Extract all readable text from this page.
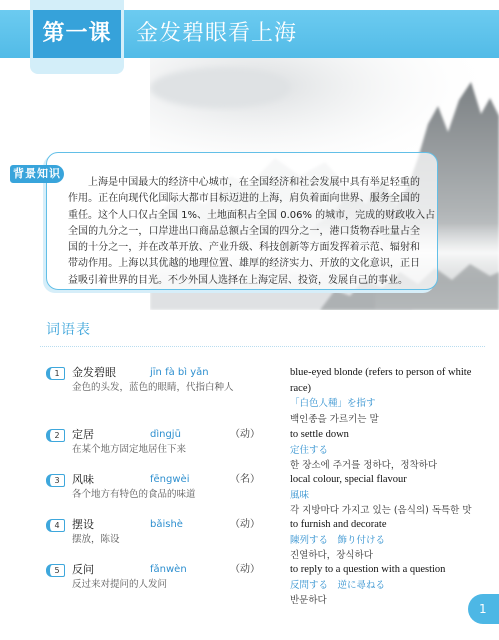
第一课	金发碧眼看上海
背景知识
上海是中国最大的经济中心城市，在全国经济和社会发展中具有举足轻重的
作用。正在向现代化国际大都市目标迈进的上海，肩负着面向世界、服务全国的
重任。这个人口仅占全国 1%、土地面积占全国 0.06% 的城市，完成的财政收入占
全国的九分之一，口岸进出口商品总额占全国的四分之一，港口货物吞吐量占全
国的十分之一，并在改革开放、产业升级、科技创新等方面发挥着示范、辐射和
带动作用。上海以其优越的地理位置、雄厚的经济实力、开放的文化意识，正日
益吸引着世界的目光。不少外国人选择在上海定居、投资，发展自己的事业。
词语表
1	金发碧眼	jīn fà bì yǎn
金色的头发，蓝色的眼睛，代指白种人
blue-eyed blonde (refers to person of white race)
「白色人種」を指す
백인종을 가르키는 말
2	定居	dìngjū	（动）
在某个地方固定地居住下来
to settle down
定住する
한 장소에 주거를 정하다，정착하다
3	风味	fēngwèi	（名）
各个地方有特色的食品的味道
local colour, special flavour
風味
각 지방마다 가지고 있는 (음식의) 독특한 맛
4	摆设	bǎishè	（动）
摆放，陈设
to furnish and decorate
陳列する　飾り付ける
진열하다，장식하다
5	反问	fǎnwèn	（动）
反过来对提问的人发问
to reply to a question with a question
反問する　逆に尋ねる
반문하다
1
